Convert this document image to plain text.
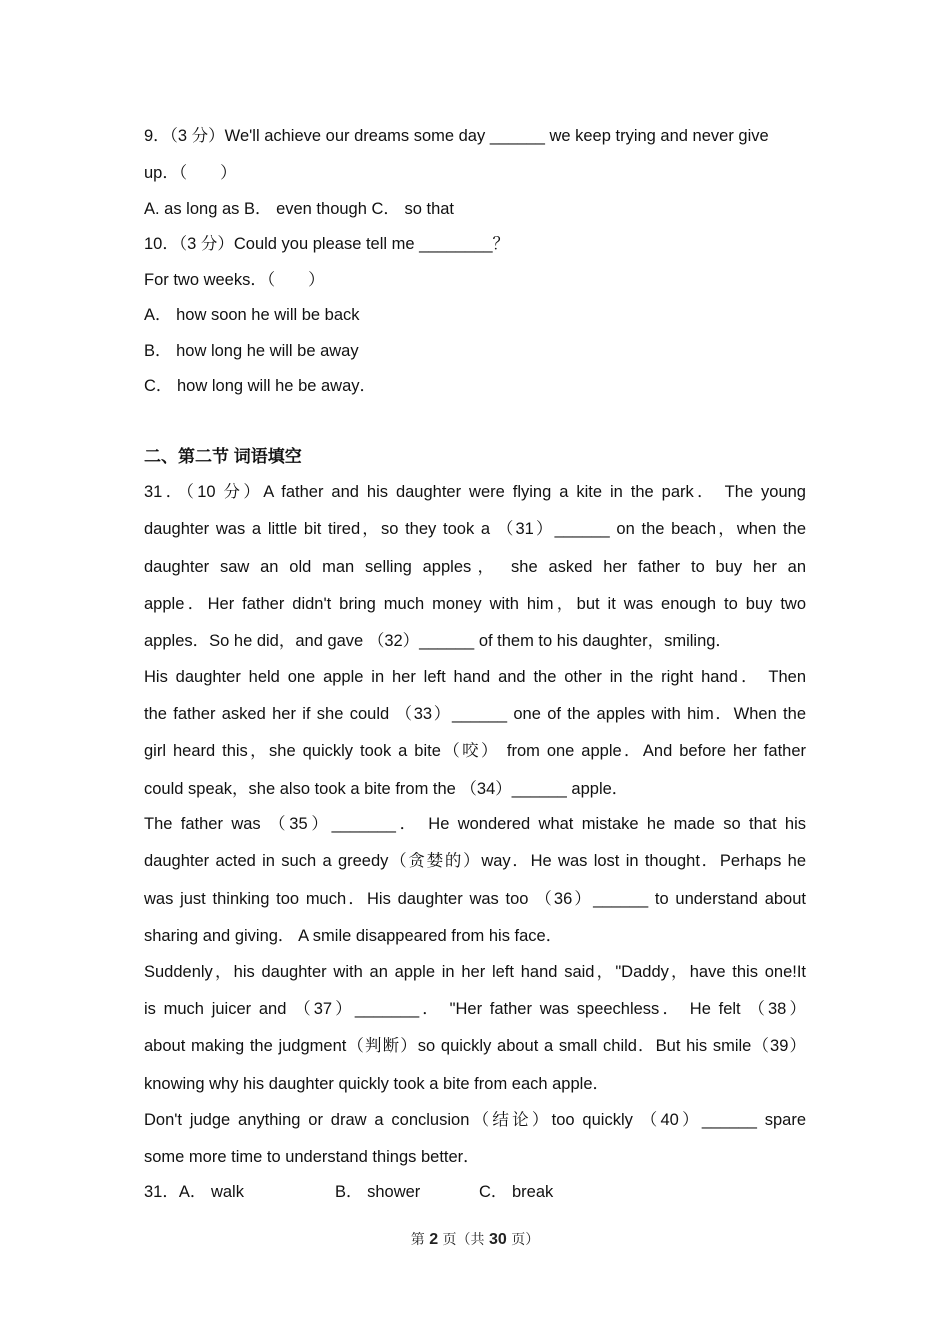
9．（3 分）We'll achieve our dreams some day ______ we keep trying and never give
up．（　　）
A. as long as B． even though C． so that
10．（3 分）Could you please tell me ________？
For two weeks．（　　）
A． how soon he will be back
B． how long he will be away
C． how long will he be away．
二、第二节 词语填空
31．（10 分）A father and his daughter were flying a kite in the park． The young
daughter was a little bit tired，so they took a （31）______ on the beach，when the
daughter saw an old man selling apples， she asked her father to buy her an
apple．Her father didn't bring much money with him，but it was enough to buy two
apples．So he did，and gave （32）______ of them to his daughter，smiling．
His daughter held one apple in her left hand and the other in the right hand． Then
the father asked her if she could （33）______ one of the apples with him．When the
girl heard this，she quickly took a bite（咬） from one apple．And before her father
could speak，she also took a bite from the （34）______ apple．
The father was （35）_______． He wondered what mistake he made so that his
daughter acted in such a greedy（贪婪的）way．He was lost in thought．Perhaps he
was just thinking too much．His daughter was too （36）______ to understand about
sharing and giving． A smile disappeared from his face．
Suddenly，his daughter with an apple in her left hand said，"Daddy，have this one!It
is much juicer and （37）_______． "Her father was speechless． He felt （38）
about making the judgment（判断）so quickly about a small child．But his smile（39）
knowing why his daughter quickly took a bite from each apple．
Don't judge anything or draw a conclusion（结论）too quickly （40）______ spare
some more time to understand things better．
31．A． walk	B． shower	C． break
第 2 页（共 30 页）
